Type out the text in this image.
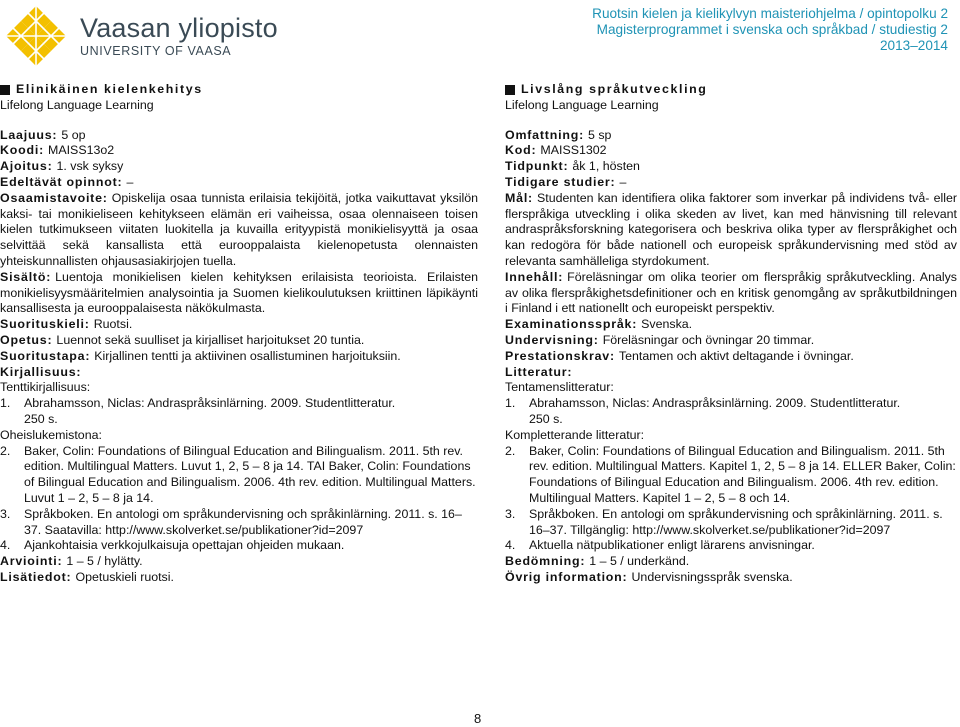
Vaasan yliopisto
UNIVERSITY OF VAASA
Ruotsin kielen ja kielikylvyn maisteriohjelma / opintopolku 2
Magisterprogrammet i svenska och språkbad / studiestig 2
2013–2014
Elinikäinen kielenkehitys
Lifelong Language Learning
Laajuus: 5 op
Koodi: MAISS13o2
Ajoitus: 1. vsk syksy
Edeltävät opinnot: –
Osaamistavoite: Opiskelija osaa tunnista erilaisia tekijöitä, jotka vaikuttavat yksilön kaksi- tai monikieliseen kehitykseen elämän eri vaiheissa, osaa olennaiseen toisen kielen tutkimukseen viitaten luokitella ja kuvailla erityypistä monikielisyyttä ja osaa selvittää sekä kansallista että eurooppalaista kielenopetusta olennaisten yhteiskunnallisten ohjausasiakirjojen tuella.
Sisältö: Luentoja monikielisen kielen kehityksen erilaisista teorioista. Erilaisten monikielisyysmääritelmien analysointia ja Suomen kielikoulutuksen kriittinen läpikäynti kansallisesta ja eurooppalaisesta näkökulmasta.
Suorituskieli: Ruotsi.
Opetus: Luennot sekä suulliset ja kirjalliset harjoitukset 20 tuntia.
Suoritustapa: Kirjallinen tentti ja aktiivinen osallistuminen harjoituksiin.
Kirjallisuus:
Tenttikirjallisuus:
1.	Abrahamsson, Niclas: Andraspråksinlärning. 2009. Studentlitteratur.
250 s.
Oheislukemistona:
2.	Baker, Colin: Foundations of Bilingual Education and Bilingualism. 2011. 5th rev. edition. Multilingual Matters. Luvut 1, 2, 5 – 8 ja 14. TAI Baker, Colin: Foundations of Bilingual Education and Bilingualism. 2006. 4th rev. edition. Multilingual Matters. Luvut 1 – 2, 5 – 8 ja 14.
3.	Språkboken. En antologi om språkundervisning och språkinlärning. 2011. s. 16–37. Saatavilla: http://www.skolverket.se/publikationer?id=2097
4.	Ajankohtaisia verkkojulkaisuja opettajan ohjeiden mukaan.
Arviointi: 1 – 5 / hylätty.
Lisätiedot: Opetuskieli ruotsi.
Livslång språkutveckling
Lifelong Language Learning
Omfattning: 5 sp
Kod: MAISS1302
Tidpunkt: åk 1, hösten
Tidigare studier: –
Mål: Studenten kan identifiera olika faktorer som inverkar på individens två- eller flerspråkiga utveckling i olika skeden av livet, kan med hänvisning till relevant andraspråksforskning kategorisera och beskriva olika typer av flerspråkighet och kan redogöra för både nationell och europeisk språkundervisning med stöd av relevanta samhälleliga styrdokument.
Innehåll: Föreläsningar om olika teorier om flerspråkig språkutveckling. Analys av olika flerspråkighetsdefinitioner och en kritisk genomgång av språkutbildningen i Finland i ett nationellt och europeiskt perspektiv.
Examinationsspråk: Svenska.
Undervisning: Föreläsningar och övningar 20 timmar.
Prestationskrav: Tentamen och aktivt deltagande i övningar.
Litteratur:
Tentamenslitteratur:
1.	Abrahamsson, Niclas: Andraspråksinlärning. 2009. Studentlitteratur.
250 s.
Kompletterande litteratur:
2.	Baker, Colin: Foundations of Bilingual Education and Bilingualism. 2011. 5th rev. edition. Multilingual Matters. Kapitel 1, 2, 5 – 8 ja 14. ELLER Baker, Colin: Foundations of Bilingual Education and Bilingualism. 2006. 4th rev. edition. Multilingual Matters. Kapitel 1 – 2, 5 – 8 och 14.
3.	Språkboken. En antologi om språkundervisning och språkinlärning. 2011. s. 16–37. Tillgänglig: http://www.skolverket.se/publikationer?id=2097
4.	Aktuella nätpublikationer enligt lärarens anvisningar.
Bedömning: 1 – 5 / underkänd.
Övrig information: Undervisningsspråk svenska.
8
